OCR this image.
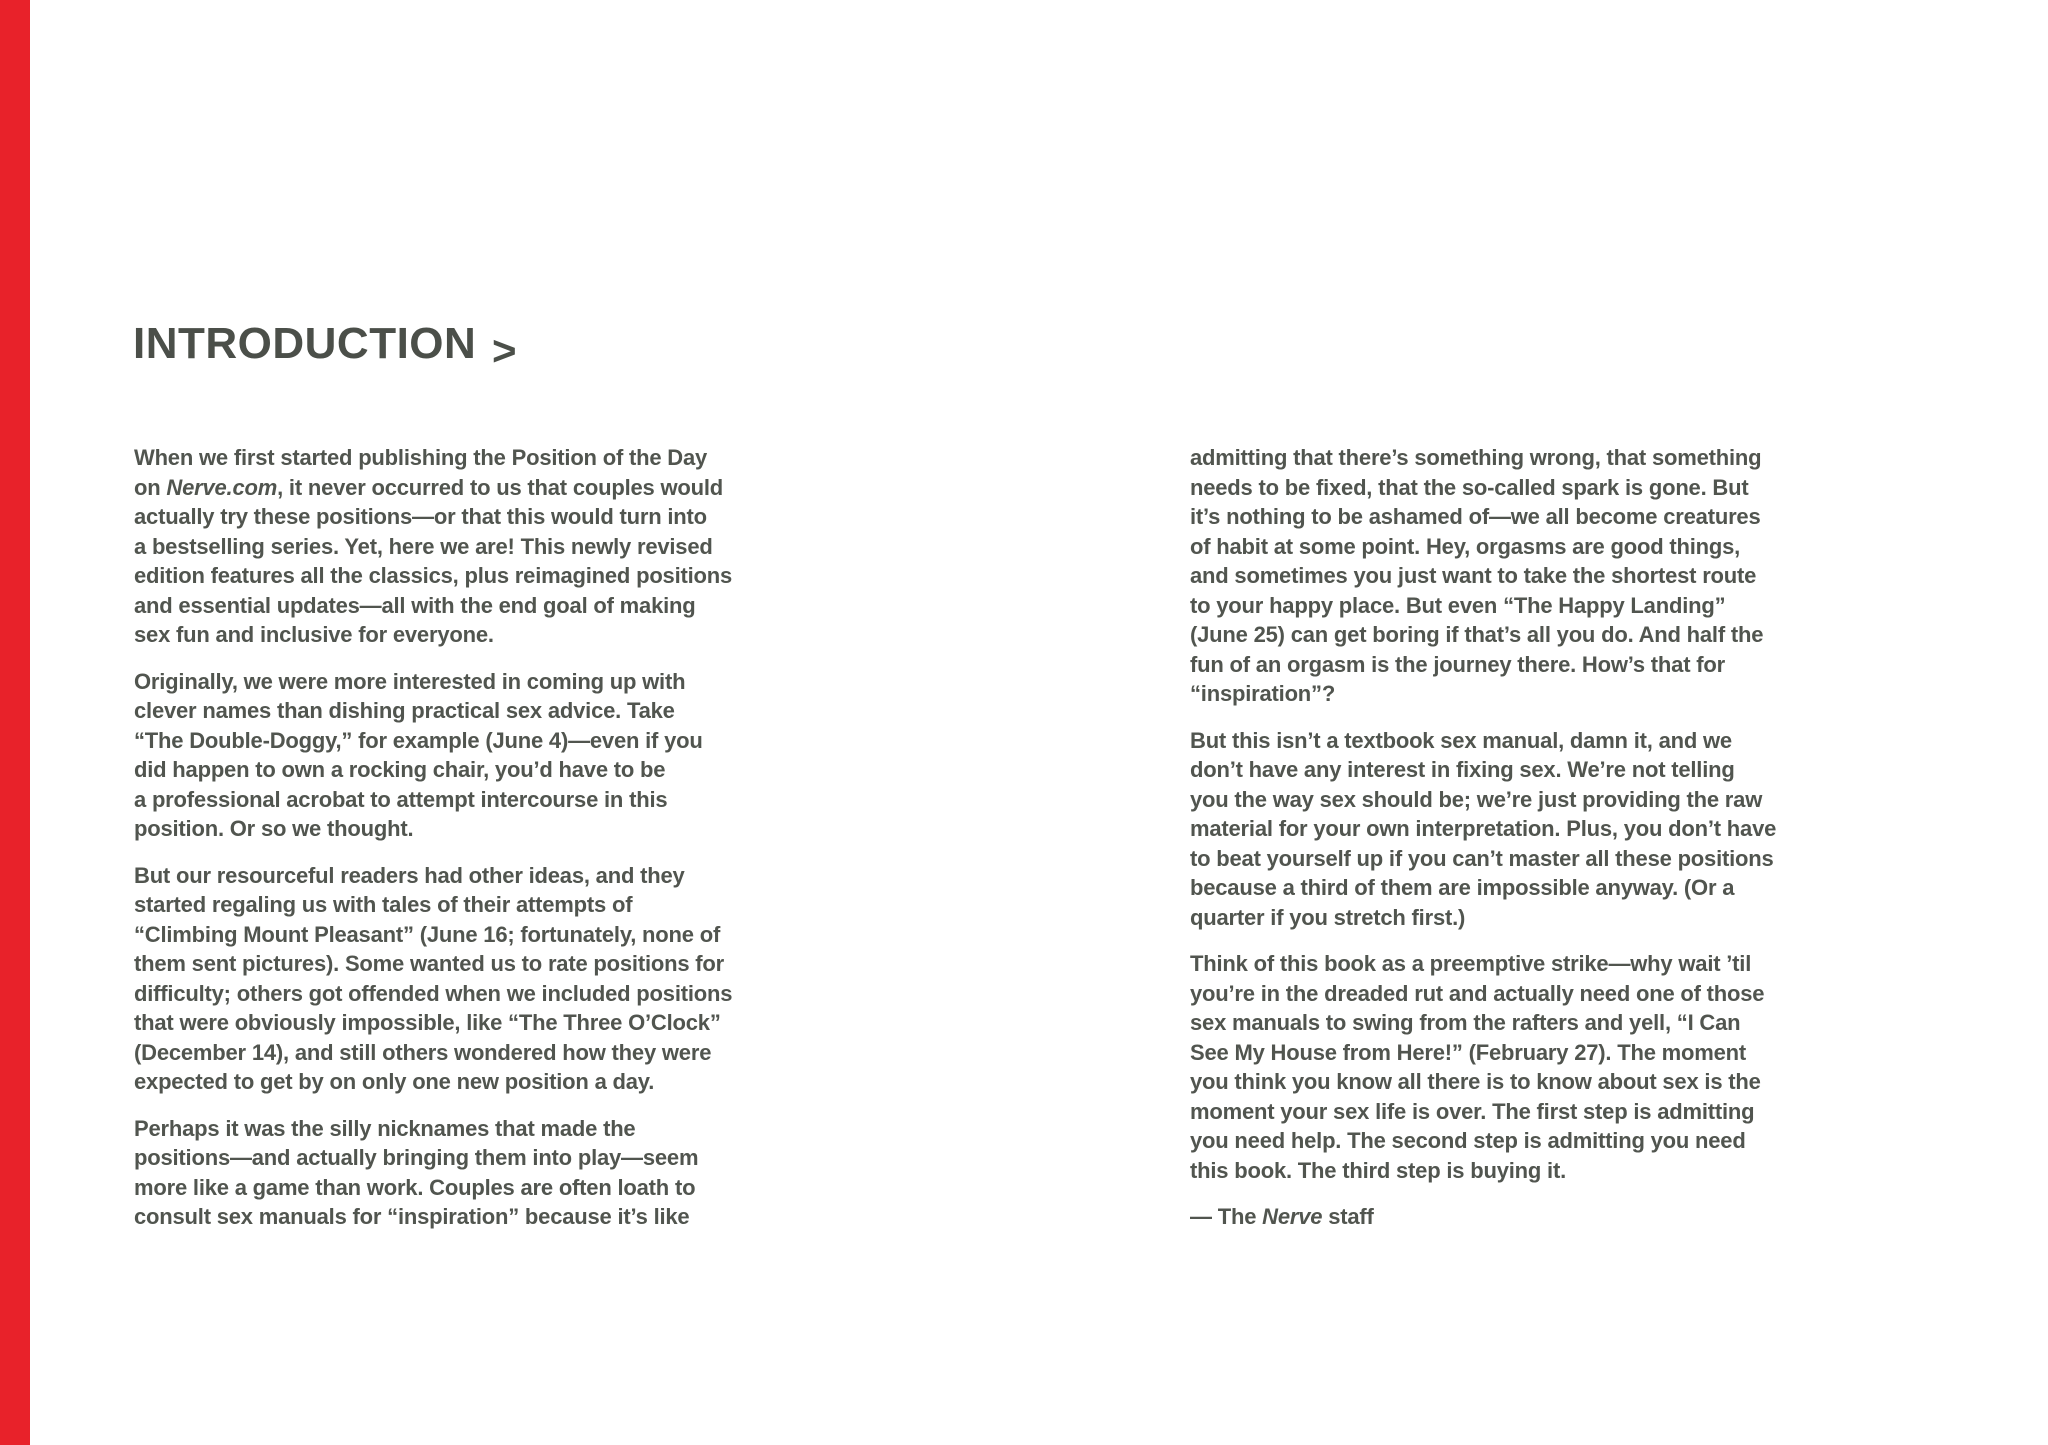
INTRODUCTION >
When we first started publishing the Position of the Day
on Nerve.com, it never occurred to us that couples would
actually try these positions—or that this would turn into
a bestselling series. Yet, here we are! This newly revised
edition features all the classics, plus reimagined positions
and essential updates—all with the end goal of making
sex fun and inclusive for everyone.
Originally, we were more interested in coming up with
clever names than dishing practical sex advice. Take
“The Double-Doggy,” for example (June 4)—even if you
did happen to own a rocking chair, you’d have to be
a professional acrobat to attempt intercourse in this
position. Or so we thought.
But our resourceful readers had other ideas, and they
started regaling us with tales of their attempts of
“Climbing Mount Pleasant” (June 16; fortunately, none of
them sent pictures). Some wanted us to rate positions for
difficulty; others got offended when we included positions
that were obviously impossible, like “The Three O’Clock”
(December 14), and still others wondered how they were
expected to get by on only one new position a day.
Perhaps it was the silly nicknames that made the
positions—and actually bringing them into play—seem
more like a game than work. Couples are often loath to
consult sex manuals for “inspiration” because it’s like
admitting that there’s something wrong, that something
needs to be fixed, that the so-called spark is gone. But
it’s nothing to be ashamed of—we all become creatures
of habit at some point. Hey, orgasms are good things,
and sometimes you just want to take the shortest route
to your happy place. But even “The Happy Landing”
(June 25) can get boring if that’s all you do. And half the
fun of an orgasm is the journey there. How’s that for
“inspiration”?
But this isn’t a textbook sex manual, damn it, and we
don’t have any interest in fixing sex. We’re not telling
you the way sex should be; we’re just providing the raw
material for your own interpretation. Plus, you don’t have
to beat yourself up if you can’t master all these positions
because a third of them are impossible anyway. (Or a
quarter if you stretch first.)
Think of this book as a preemptive strike—why wait ’til
you’re in the dreaded rut and actually need one of those
sex manuals to swing from the rafters and yell, “I Can
See My House from Here!” (February 27). The moment
you think you know all there is to know about sex is the
moment your sex life is over. The first step is admitting
you need help. The second step is admitting you need
this book. The third step is buying it.
— The Nerve staff
